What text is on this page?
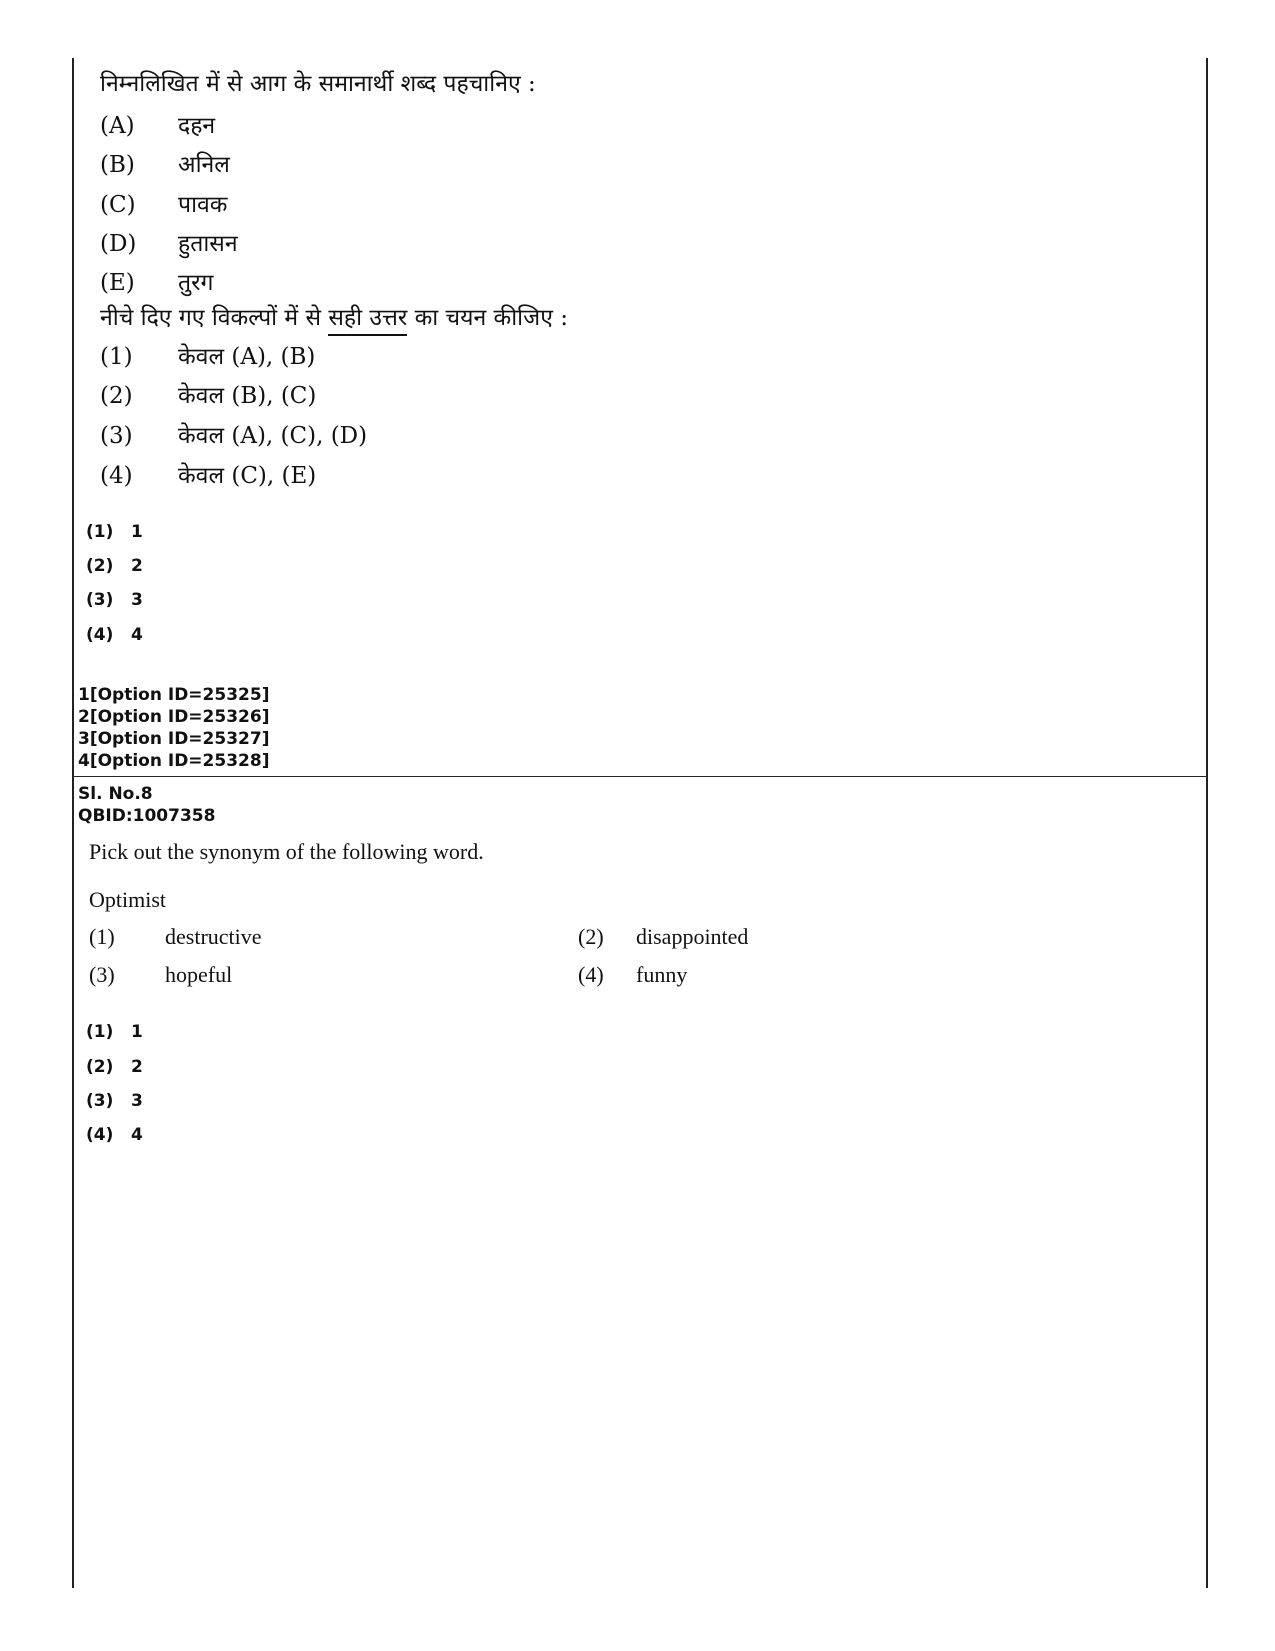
निम्नलिखित में से आग के समानार्थी शब्द पहचानिए :
(A) दहन
(B) अनिल
(C) पावक
(D) हुतासन
(E) तुरग
नीचे दिए गए विकल्पों में से सही उत्तर का चयन कीजिए :
(1) केवल (A), (B)
(2) केवल (B), (C)
(3) केवल (A), (C), (D)
(4) केवल (C), (E)
(1) 1
(2) 2
(3) 3
(4) 4
1[Option ID=25325]
2[Option ID=25326]
3[Option ID=25327]
4[Option ID=25328]
Sl. No.8
QBID:1007358
Pick out the synonym of the following word.
Optimist
(1) destructive	(2) disappointed
(3) hopeful	(4) funny
(1) 1
(2) 2
(3) 3
(4) 4
